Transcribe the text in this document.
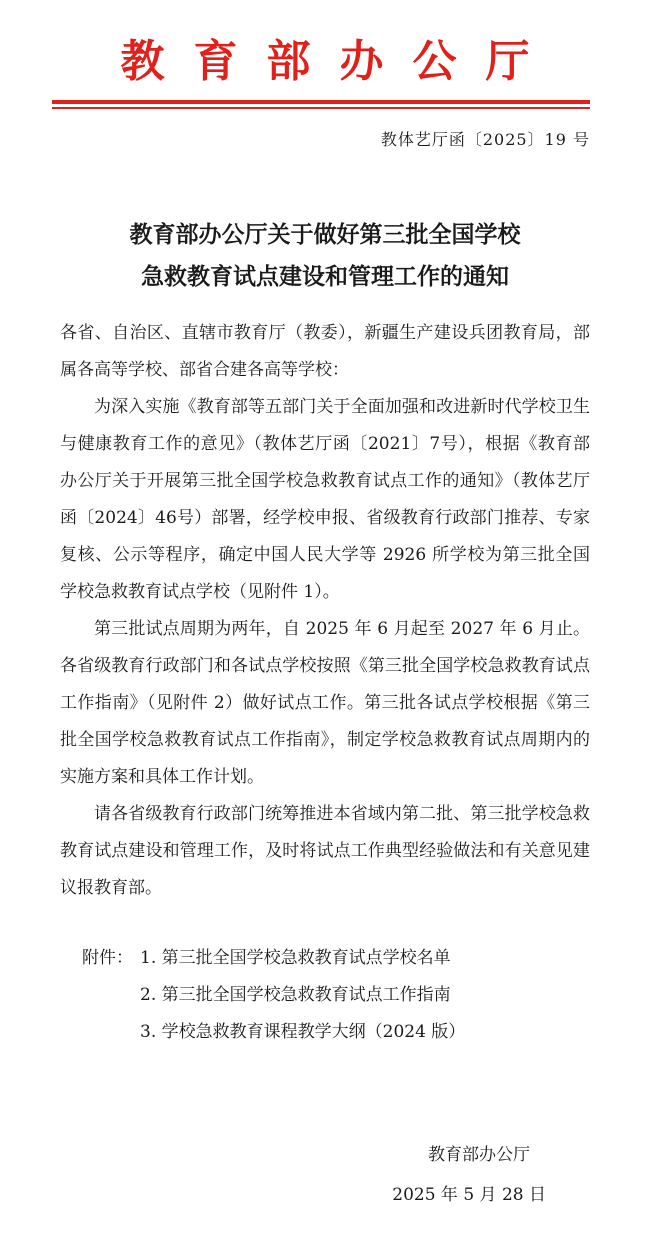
教育部办公厅
教体艺厅函〔2025〕19 号
教育部办公厅关于做好第三批全国学校
急救教育试点建设和管理工作的通知

各省、自治区、直辖市教育厅（教委），新疆生产建设兵团教育局，部属各高等学校、部省合建各高等学校：

为深入实施《教育部等五部门关于全面加强和改进新时代学校卫生与健康教育工作的意见》（教体艺厅函〔2021〕7号），根据《教育部办公厅关于开展第三批全国学校急救教育试点工作的通知》（教体艺厅函〔2024〕46号）部署，经学校申报、省级教育行政部门推荐、专家复核、公示等程序，确定中国人民大学等 2926 所学校为第三批全国学校急救教育试点学校（见附件 1）。

第三批试点周期为两年，自 2025 年 6 月起至 2027 年 6 月止。各省级教育行政部门和各试点学校按照《第三批全国学校急救教育试点工作指南》（见附件 2）做好试点工作。第三批各试点学校根据《第三批全国学校急救教育试点工作指南》，制定学校急救教育试点周期内的实施方案和具体工作计划。

请各省级教育行政部门统筹推进本省域内第二批、第三批学校急救教育试点建设和管理工作，及时将试点工作典型经验做法和有关意见建议报教育部。

附件： 1. 第三批全国学校急救教育试点学校名单
2. 第三批全国学校急救教育试点工作指南
3. 学校急救教育课程教学大纲（2024 版）
教育部办公厅
2025 年 5 月 28 日
